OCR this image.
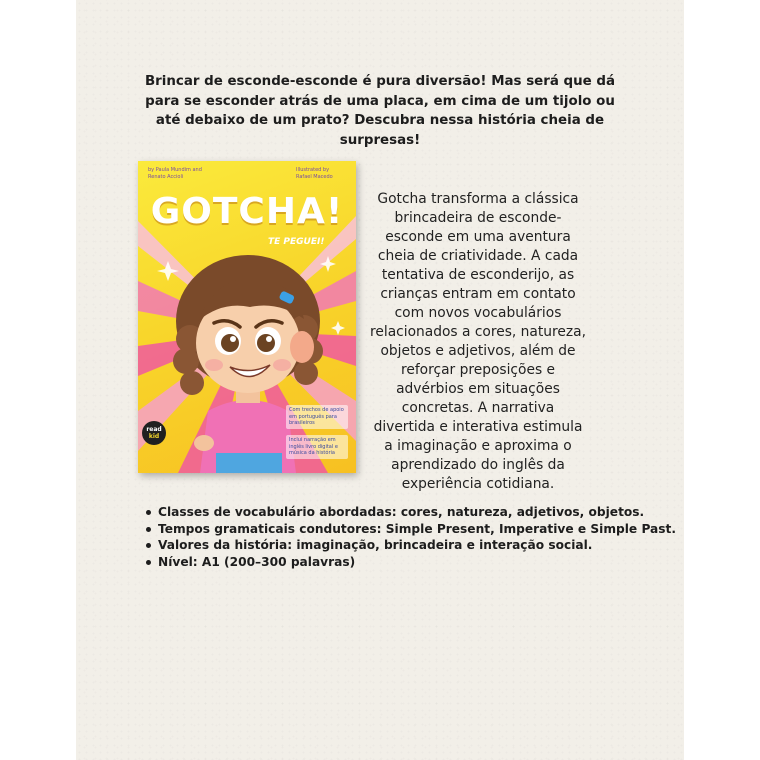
Brincar de esconde-esconde é pura diversão! Mas será que dá para se esconder atrás de uma placa, em cima de um tijolo ou até debaixo de um prato? Descubra nessa história cheia de surpresas!
by Paula Mundim and Renato Accioli
Illustrated by Rafael Macedo
GOTCHA!
TE PEGUEI!
read
kid
Com trechos de apoio em português para brasileiros
Inclui narração em inglês livro digital e música da história
Gotcha transforma a clássica brincadeira de esconde-esconde em uma aventura cheia de criatividade. A cada tentativa de esconderijo, as crianças entram em contato com novos vocabulários relacionados a cores, natureza, objetos e adjetivos, além de reforçar preposições e advérbios em situações concretas. A narrativa divertida e interativa estimula a imaginação e aproxima o aprendizado do inglês da experiência cotidiana.
Classes de vocabulário abordadas: cores, natureza, adjetivos, objetos.
Tempos gramaticais condutores: Simple Present, Imperative e Simple Past.
Valores da história: imaginação, brincadeira e interação social.
Nível: A1 (200–300 palavras)
